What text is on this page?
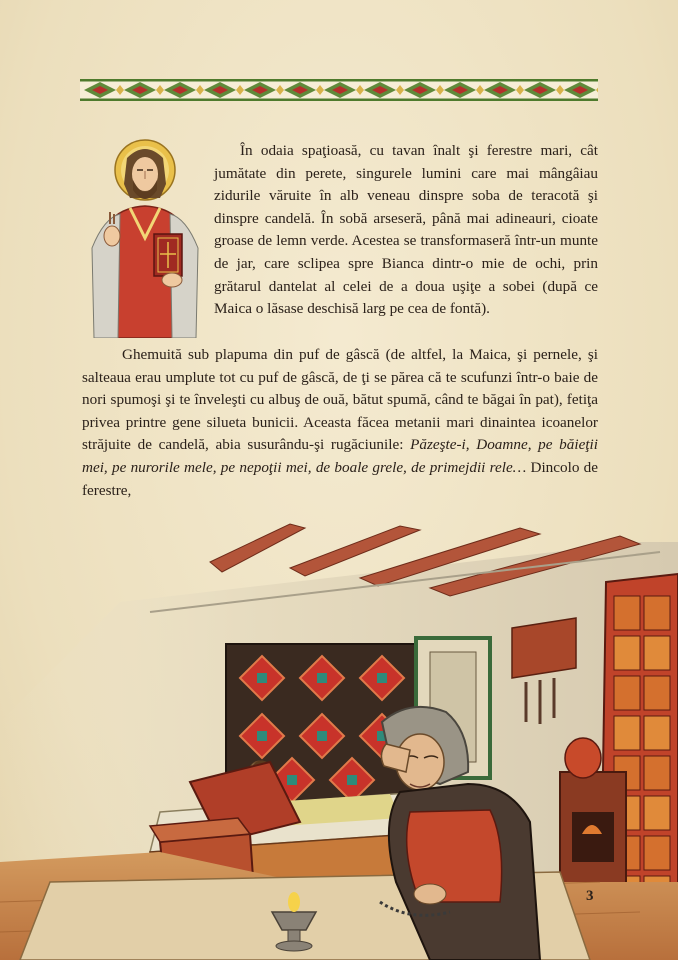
În odaia spaţioasă, cu tavan înalt şi ferestre mari, cât jumătate din perete, singurele lumini care mai mângâiau zidurile văruite în alb veneau dinspre soba de teracotă şi dinspre candelă. În sobă arseseră, până mai adineauri, cioate groase de lemn verde. Acestea se transformaseră într-un munte de jar, care sclipea spre Bianca dintr-o mie de ochi, prin grătarul dantelat al celei de a doua uşiţe a sobei (după ce Maica o lăsase deschisă larg pe cea de fontă).

Ghemuită sub plapuma din puf de gâscă (de altfel, la Maica, şi pernele, şi salteaua erau umplute tot cu puf de gâscă, de ţi se părea că te scufunzi într-o baie de nori spumoşi şi te înveleşti cu albuş de ouă, bătut spumă, când te băgai în pat), fetiţa privea printre gene silueta bunicii. Aceasta făcea metanii mari dinaintea icoanelor străjuite de candelă, abia susurându-şi rugăciunile: Păzeşte-i, Doamne, pe băieţii mei, pe nurorile mele, pe nepoţii mei, de boale grele, de primejdii rele… Dincolo de ferestre,

3
